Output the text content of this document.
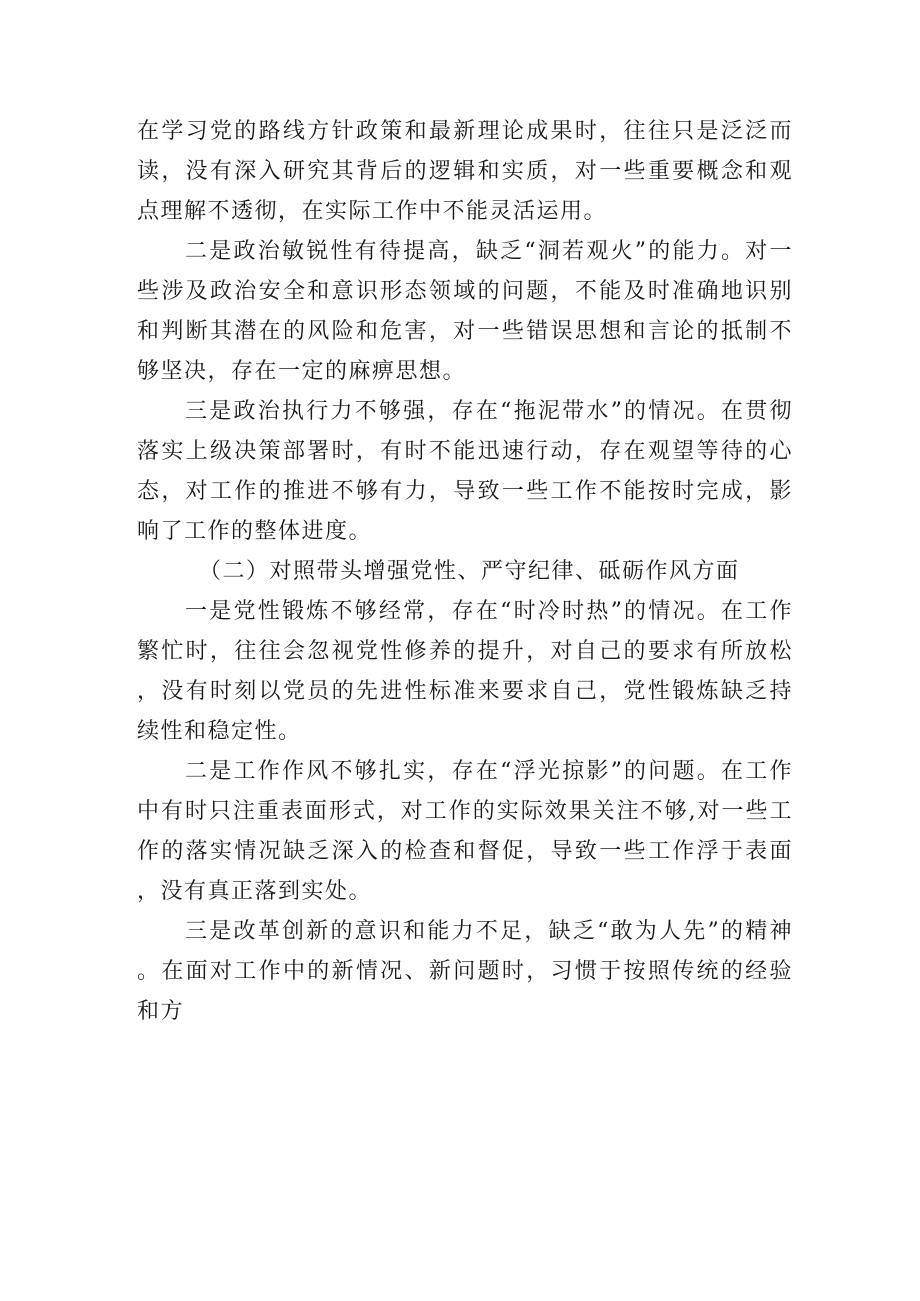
在学习党的路线方针政策和最新理论成果时，往往只是泛泛而读，没有深入研究其背后的逻辑和实质，对一些重要概念和观点理解不透彻，在实际工作中不能灵活运用。

二是政治敏锐性有待提高，缺乏“洞若观火”的能力。对一些涉及政治安全和意识形态领域的问题，不能及时准确地识别和判断其潜在的风险和危害，对一些错误思想和言论的抵制不够坚决，存在一定的麻痹思想。

三是政治执行力不够强，存在“拖泥带水”的情况。在贯彻落实上级决策部署时，有时不能迅速行动，存在观望等待的心态，对工作的推进不够有力，导致一些工作不能按时完成，影响了工作的整体进度。

（二）对照带头增强党性、严守纪律、砥砺作风方面

一是党性锻炼不够经常，存在“时冷时热”的情况。在工作繁忙时，往往会忽视党性修养的提升，对自己的要求有所放松，没有时刻以党员的先进性标准来要求自己，党性锻炼缺乏持续性和稳定性。

二是工作作风不够扎实，存在“浮光掠影”的问题。在工作中有时只注重表面形式，对工作的实际效果关注不够,对一些工作的落实情况缺乏深入的检查和督促，导致一些工作浮于表面，没有真正落到实处。

三是改革创新的意识和能力不足，缺乏“敢为人先”的精神。在面对工作中的新情况、新问题时，习惯于按照传统的经验和方
